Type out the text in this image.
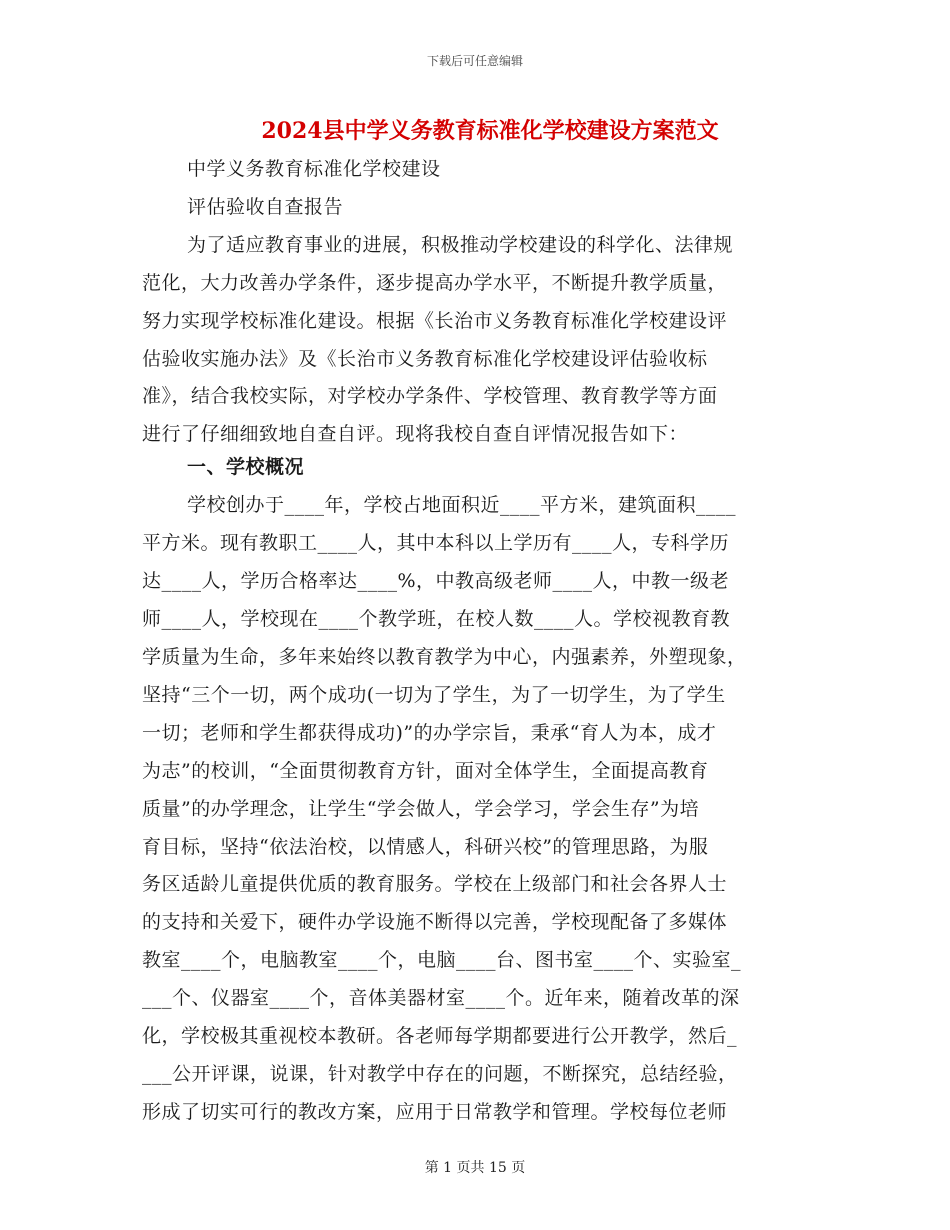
下载后可任意编辑
2024县中学义务教育标准化学校建设方案范文
中学义务教育标准化学校建设
评估验收自查报告
为了适应教育事业的进展，积极推动学校建设的科学化、法律规
范化，大力改善办学条件，逐步提高办学水平，不断提升教学质量，
努力实现学校标准化建设。根据《长治市义务教育标准化学校建设评
估验收实施办法》及《长治市义务教育标准化学校建设评估验收标
准》，结合我校实际，对学校办学条件、学校管理、教育教学等方面
进行了仔细细致地自查自评。现将我校自查自评情况报告如下：
一、学校概况
学校创办于____年，学校占地面积近____平方米，建筑面积____
平方米。现有教职工____人，其中本科以上学历有____人，专科学历
达____人，学历合格率达____%，中教高级老师____人，中教一级老
师____人，学校现在____个教学班，在校人数____人。学校视教育教
学质量为生命，多年来始终以教育教学为中心，内强素养，外塑现象，
坚持“三个一切，两个成功(一切为了学生，为了一切学生，为了学生
一切；老师和学生都获得成功)”的办学宗旨，秉承“育人为本，成才
为志”的校训，“全面贯彻教育方针，面对全体学生，全面提高教育
质量”的办学理念，让学生“学会做人，学会学习，学会生存”为培
育目标，坚持“依法治校，以情感人，科研兴校”的管理思路，为服
务区适龄儿童提供优质的教育服务。学校在上级部门和社会各界人士
的支持和关爱下，硬件办学设施不断得以完善，学校现配备了多媒体
教室____个，电脑教室____个，电脑____台、图书室____个、实验室_
___个、仪器室____个，音体美器材室____个。近年来，随着改革的深
化，学校极其重视校本教研。各老师每学期都要进行公开教学，然后_
___公开评课，说课，针对教学中存在的问题，不断探究，总结经验，
形成了切实可行的教改方案，应用于日常教学和管理。学校每位老师
第 1 页共 15 页
